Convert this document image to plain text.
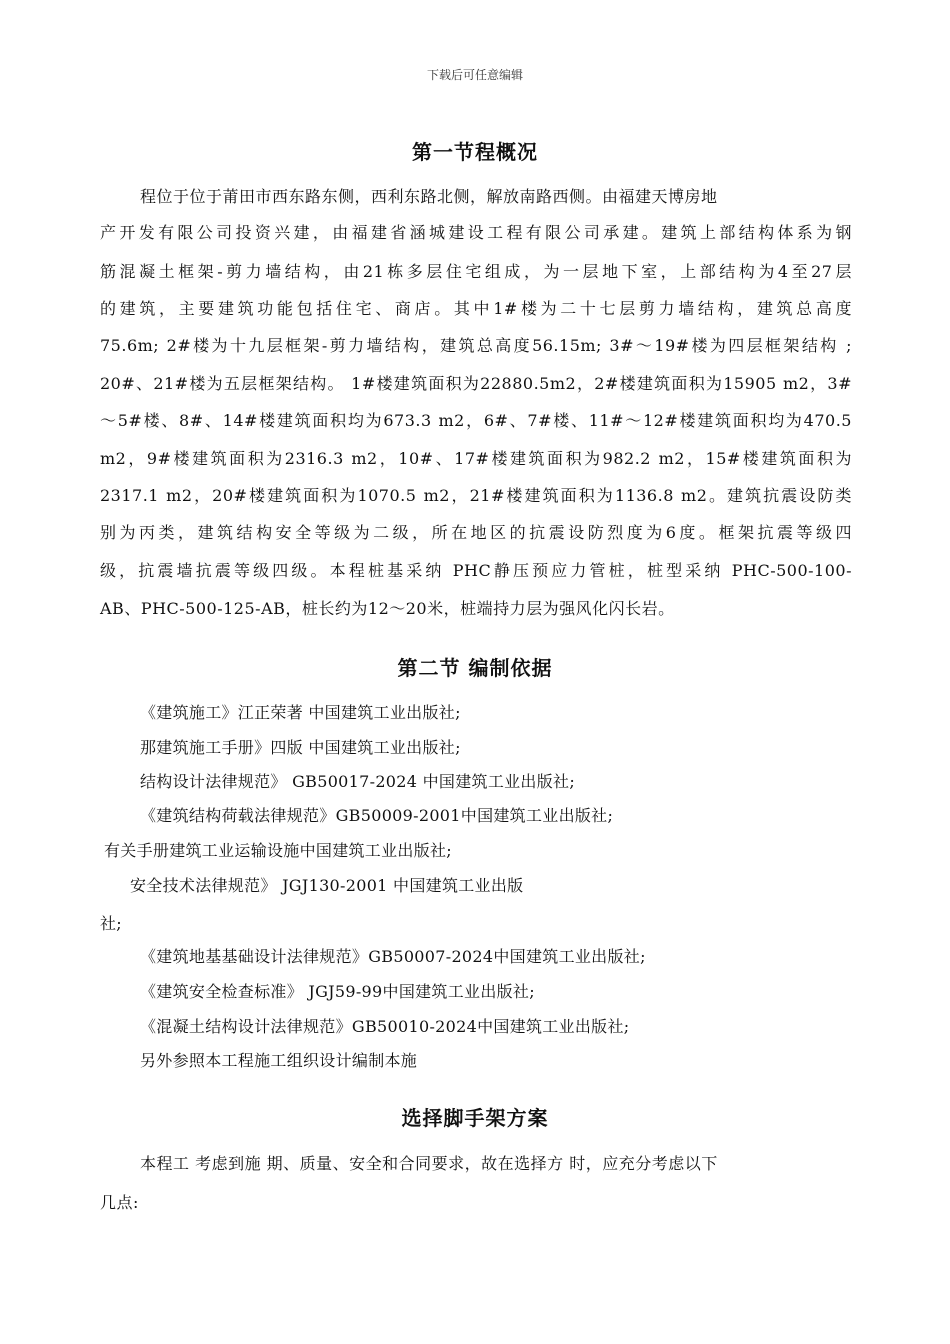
下载后可任意编辑
第一节程概况
程位于位于莆田市西东路东侧，西利东路北侧，解放南路西侧。由福建天博房地
产开发有限公司投资兴建，由福建省涵城建设工程有限公司承建。建筑上部结构体系为钢
筋混凝土框架-剪力墙结构，由21栋多层住宅组成，为一层地下室，上部结构为4至27层
的建筑，主要建筑功能包括住宅、商店。其中1#楼为二十七层剪力墙结构，建筑总高度
75.6m; 2#楼为十九层框架-剪力墙结构，建筑总高度56.15m; 3#～19#楼为四层框架结构 ;
20#、21#楼为五层框架结构。 1#楼建筑面积为22880.5m2，2#楼建筑面积为15905 m2，3#
～5#楼、8#、14#楼建筑面积均为673.3 m2，6#、7#楼、11#～12#楼建筑面积均为470.5
m2，9#楼建筑面积为2316.3 m2，10#、17#楼建筑面积为982.2 m2，15#楼建筑面积为
2317.1 m2，20#楼建筑面积为1070.5 m2，21#楼建筑面积为1136.8 m2。建筑抗震设防类
别为丙类，建筑结构安全等级为二级，所在地区的抗震设防烈度为6度。框架抗震等级四
级，抗震墙抗震等级四级。本程桩基采纳 PHC静压预应力管桩，桩型采纳 PHC-500-100-
AB、PHC-500-125-AB，桩长约为12～20米，桩端持力层为强风化闪长岩。
第二节 编制依据
《建筑施工》江正荣著 中国建筑工业出版社;
那建筑施工手册》四版 中国建筑工业出版社;
结构设计法律规范》 GB50017-2024 中国建筑工业出版社;
《建筑结构荷载法律规范》GB50009-2001中国建筑工业出版社;
有关手册建筑工业运输设施中国建筑工业出版社;
安全技术法律规范》 JGJ130-2001 中国建筑工业出版
社;
《建筑地基基础设计法律规范》GB50007-2024中国建筑工业出版社;
《建筑安全检查标准》 JGJ59-99中国建筑工业出版社;
《混凝土结构设计法律规范》GB50010-2024中国建筑工业出版社;
另外参照本工程施工组织设计编制本施
选择脚手架方案
本程工 考虑到施 期、质量、安全和合同要求，故在选择方 时，应充分考虑以下
几点:
